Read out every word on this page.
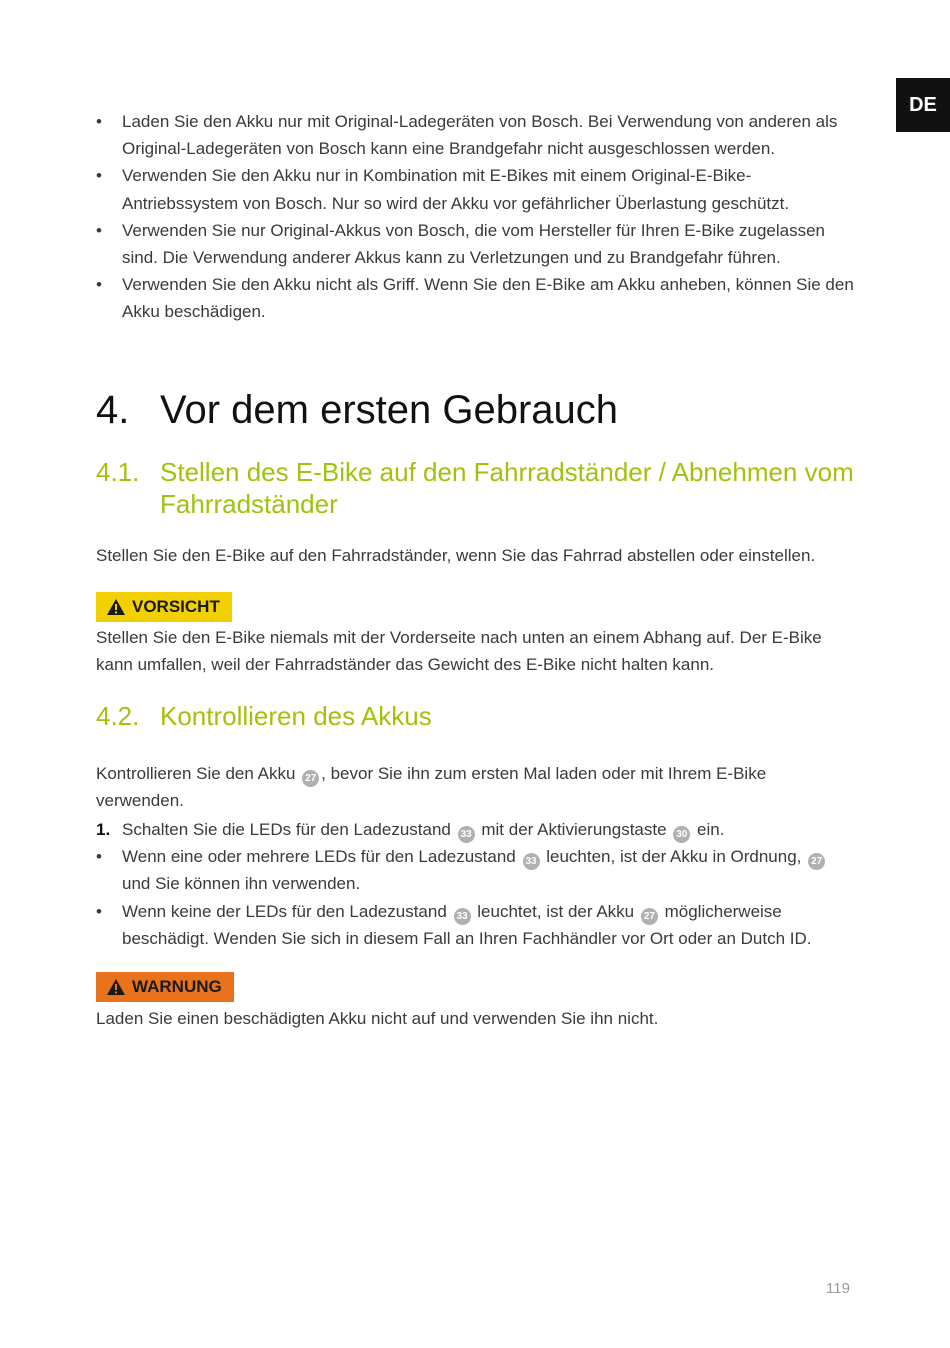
DE
• Laden Sie den Akku nur mit Original-Ladegeräten von Bosch. Bei Verwendung von anderen als Original-Ladegeräten von Bosch kann eine Brandgefahr nicht ausgeschlossen werden.
• Verwenden Sie den Akku nur in Kombination mit E-Bikes mit einem Original-E-Bike-Antriebssystem von Bosch. Nur so wird der Akku vor gefährlicher Überlastung geschützt.
• Verwenden Sie nur Original-Akkus von Bosch, die vom Hersteller für Ihren E-Bike zugelassen sind. Die Verwendung anderer Akkus kann zu Verletzungen und zu Brandgefahr führen.
• Verwenden Sie den Akku nicht als Griff. Wenn Sie den E-Bike am Akku anheben, können Sie den Akku beschädigen.
4. Vor dem ersten Gebrauch
4.1. Stellen des E-Bike auf den Fahrradständer / Abnehmen vom Fahrradständer

Stellen Sie den E-Bike auf den Fahrradständer, wenn Sie das Fahrrad abstellen oder einstellen.

VORSICHT

Stellen Sie den E-Bike niemals mit der Vorderseite nach unten an einem Abhang auf. Der E-Bike kann umfallen, weil der Fahrradständer das Gewicht des E-Bike nicht halten kann.

4.2. Kontrollieren des Akkus

Kontrollieren Sie den Akku 27 , bevor Sie ihn zum ersten Mal laden oder mit Ihrem E-Bike verwenden.

1. Schalten Sie die LEDs für den Ladezustand 33 mit der Aktivierungstaste 30 ein.
• Wenn eine oder mehrere LEDs für den Ladezustand 33 leuchten, ist der Akku in Ordnung, 27 und Sie können ihn verwenden.
• Wenn keine der LEDs für den Ladezustand 33 leuchtet, ist der Akku 27 möglicherweise beschädigt. Wenden Sie sich in diesem Fall an Ihren Fachhändler vor Ort oder an Dutch ID.
WARNUNG

Laden Sie einen beschädigten Akku nicht auf und verwenden Sie ihn nicht.

119
